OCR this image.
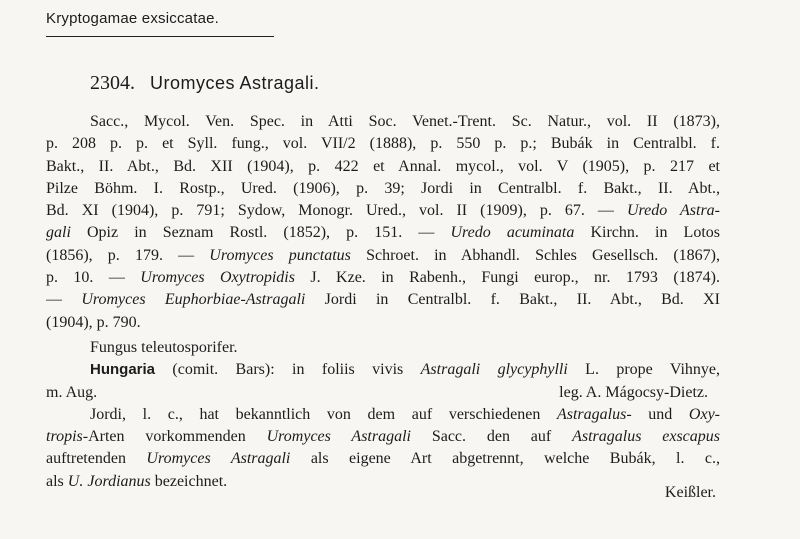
Kryptogamae exsiccatae.
2304. Uromyces Astragali.
Sacc., Mycol. Ven. Spec. in Atti Soc. Venet.-Trent. Sc. Natur., vol. II (1873),
p. 208 p. p. et Syll. fung., vol. VII/2 (1888), p. 550 p. p.; Bubák in Centralbl. f.
Bakt., II. Abt., Bd. XII (1904), p. 422 et Annal. mycol., vol. V (1905), p. 217 et
Pilze Böhm. I. Rostp., Ured. (1906), p. 39; Jordi in Centralbl. f. Bakt., II. Abt.,
Bd. XI (1904), p. 791; Sydow, Monogr. Ured., vol. II (1909), p. 67. — Uredo Astra-
gali Opiz in Seznam Rostl. (1852), p. 151. — Uredo acuminata Kirchn. in Lotos
(1856), p. 179. — Uromyces punctatus Schroet. in Abhandl. Schles Gesellsch. (1867),
p. 10. — Uromyces Oxytropidis J. Kze. in Rabenh., Fungi europ., nr. 1793 (1874).
— Uromyces Euphorbiae-Astragali Jordi in Centralbl. f. Bakt., II. Abt., Bd. XI
(1904), p. 790.
Fungus teleutosporifer.
Hungaria (comit. Bars): in foliis vivis Astragali glycyphylli L. prope Vihnye,
m. Aug.	leg. A. Mágocsy-Dietz.
Jordi, l. c., hat bekanntlich von dem auf verschiedenen Astragalus- und Oxy-
tropis-Arten vorkommenden Uromyces Astragali Sacc. den auf Astragalus exscapus
auftretenden Uromyces Astragali als eigene Art abgetrennt, welche Bubák, l. c.,
als U. Jordianus bezeichnet.
Keißler.
